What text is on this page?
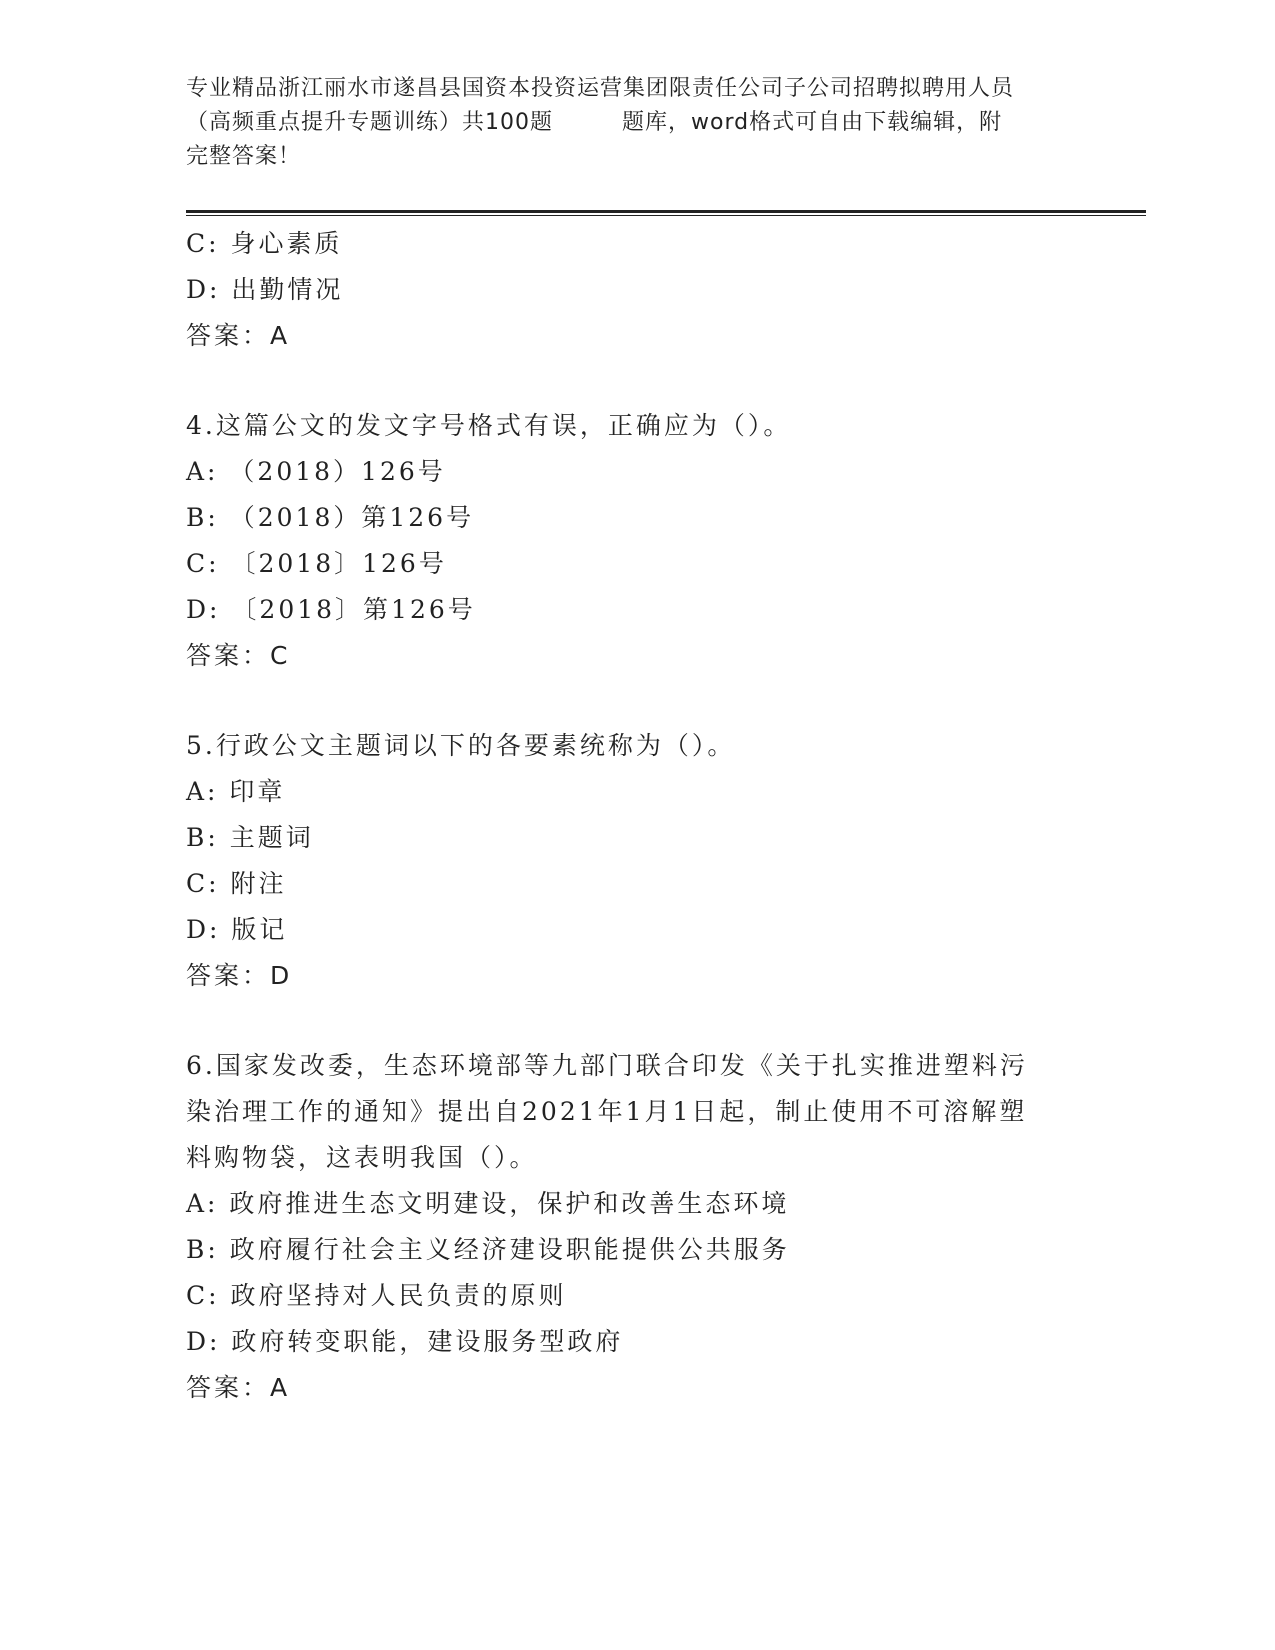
专业精品浙江丽水市遂昌县国资本投资运营集团限责任公司子公司招聘拟聘用人员
（高频重点提升专题训练）共100题　　　题库，word格式可自由下载编辑，附
完整答案！
C: 身心素质
D: 出勤情况
答案：A
4.这篇公文的发文字号格式有误，正确应为（）。
A: （2018）126号
B: （2018）第126号
C: 〔2018〕126号
D: 〔2018〕第126号
答案：C
5.行政公文主题词以下的各要素统称为（）。
A: 印章
B: 主题词
C: 附注
D: 版记
答案：D
6.国家发改委，生态环境部等九部门联合印发《关于扎实推进塑料污
染治理工作的通知》提出自2021年1月1日起，制止使用不可溶解塑
料购物袋，这表明我国（）。
A: 政府推进生态文明建设，保护和改善生态环境
B: 政府履行社会主义经济建设职能提供公共服务
C: 政府坚持对人民负责的原则
D: 政府转变职能，建设服务型政府
答案：A
